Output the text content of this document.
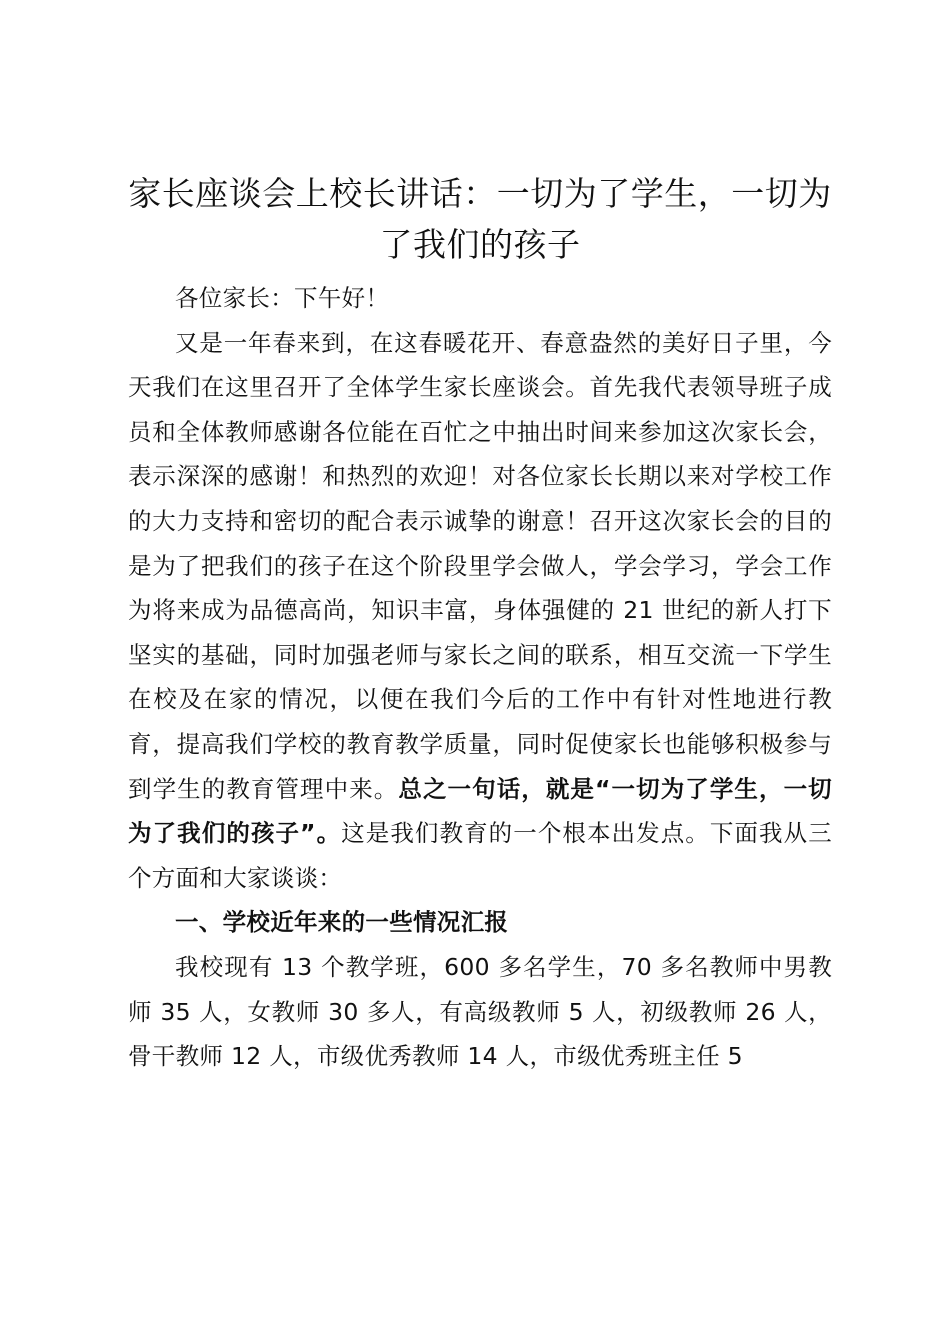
家长座谈会上校长讲话：一切为了学生，一切为了我们的孩子

各位家长：下午好！

又是一年春来到，在这春暖花开、春意盎然的美好日子里，今天我们在这里召开了全体学生家长座谈会。首先我代表领导班子成员和全体教师感谢各位能在百忙之中抽出时间来参加这次家长会，表示深深的感谢！和热烈的欢迎！对各位家长长期以来对学校工作的大力支持和密切的配合表示诚挚的谢意！召开这次家长会的目的是为了把我们的孩子在这个阶段里学会做人，学会学习，学会工作为将来成为品德高尚，知识丰富，身体强健的 21 世纪的新人打下坚实的基础，同时加强老师与家长之间的联系，相互交流一下学生在校及在家的情况，以便在我们今后的工作中有针对性地进行教育，提高我们学校的教育教学质量，同时促使家长也能够积极参与到学生的教育管理中来。总之一句话，就是“一切为了学生，一切为了我们的孩子”。这是我们教育的一个根本出发点。下面我从三个方面和大家谈谈：

一、学校近年来的一些情况汇报

我校现有 13 个教学班，600 多名学生，70 多名教师中男教师 35 人，女教师 30 多人，有高级教师 5 人，初级教师 26 人，骨干教师 12 人，市级优秀教师 14 人，市级优秀班主任 5
